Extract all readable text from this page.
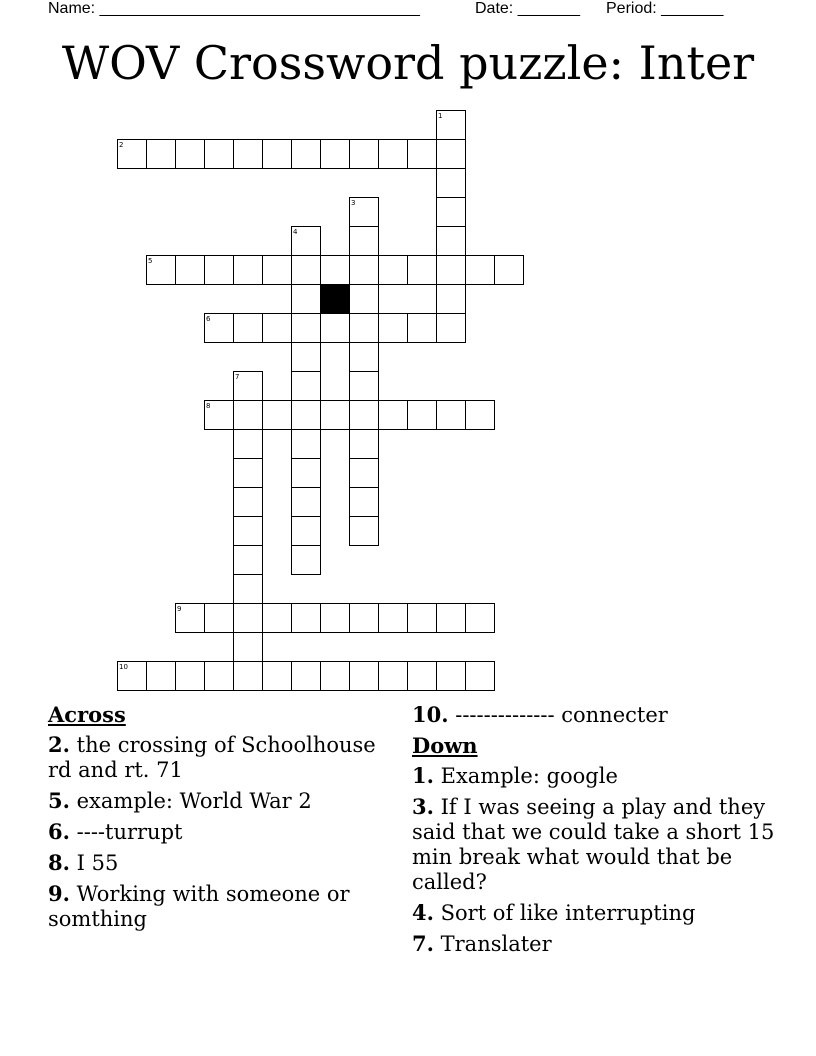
Name: ____________________________________	Date: _______ Period: _______
WOV Crossword puzzle: Inter
2
5
6
8
9
10
1
3
4
7
Across
2. the crossing of Schoolhouse rd and rt. 71
5. example: World War 2
6. ----turrupt
8. I 55
9. Working with someone or somthing
10. -------------- connecter
Down
1. Example: google
3. If I was seeing a play and they said that we could take a short 15 min break what would that be called?
4. Sort of like interrupting
7. Translater
